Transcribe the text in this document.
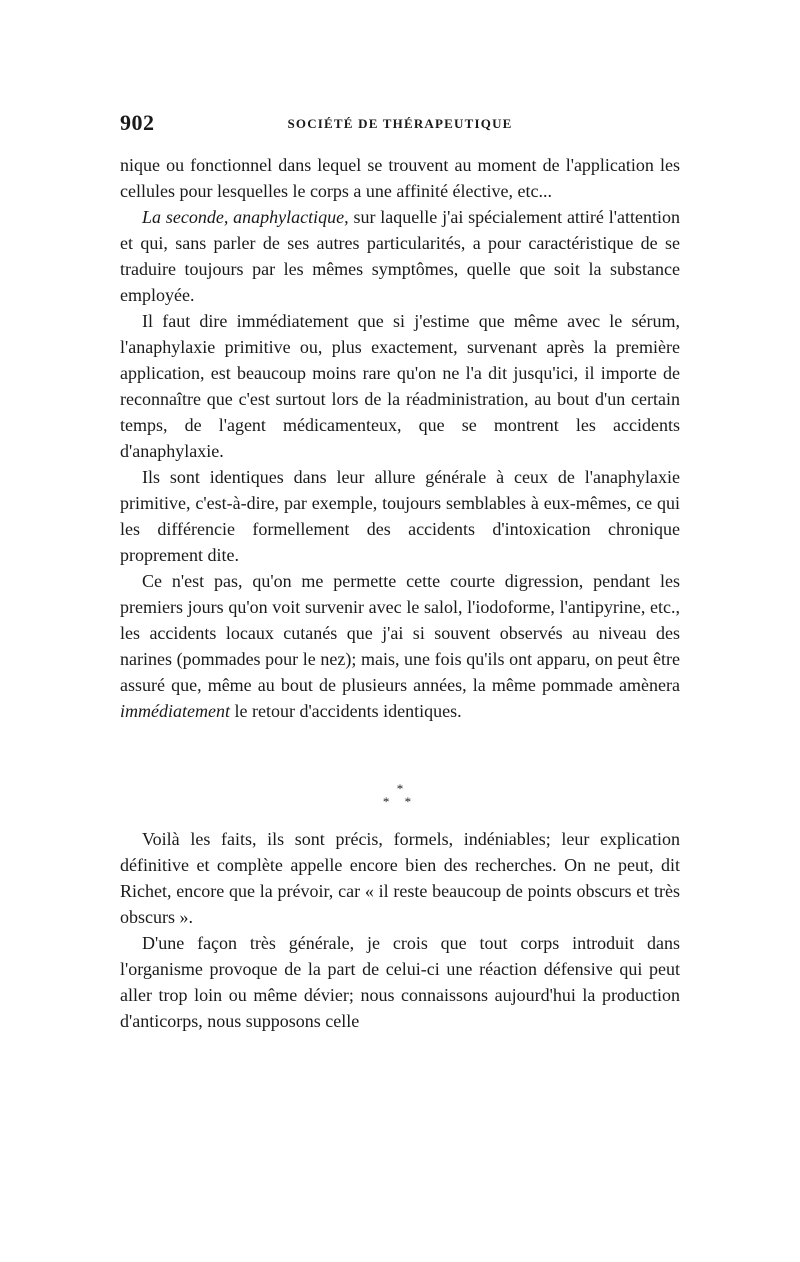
902	SOCIÉTÉ DE THÉRAPEUTIQUE

nique ou fonctionnel dans lequel se trouvent au moment de l'application les cellules pour lesquelles le corps a une affinité élective, etc...

La seconde, anaphylactique, sur laquelle j'ai spécialement attiré l'attention et qui, sans parler de ses autres particularités, a pour caractéristique de se traduire toujours par les mêmes symptômes, quelle que soit la substance employée.

Il faut dire immédiatement que si j'estime que même avec le sérum, l'anaphylaxie primitive ou, plus exactement, survenant après la première application, est beaucoup moins rare qu'on ne l'a dit jusqu'ici, il importe de reconnaître que c'est surtout lors de la réadministration, au bout d'un certain temps, de l'agent médicamenteux, que se montrent les accidents d'anaphylaxie.

Ils sont identiques dans leur allure générale à ceux de l'anaphylaxie primitive, c'est-à-dire, par exemple, toujours semblables à eux-mêmes, ce qui les différencie formellement des accidents d'intoxication chronique proprement dite.

Ce n'est pas, qu'on me permette cette courte digression, pendant les premiers jours qu'on voit survenir avec le salol, l'iodoforme, l'antipyrine, etc., les accidents locaux cutanés que j'ai si souvent observés au niveau des narines (pommades pour le nez); mais, une fois qu'ils ont apparu, on peut être assuré que, même au bout de plusieurs années, la même pommade amènera immédiatement le retour d'accidents identiques.

*
* *

Voilà les faits, ils sont précis, formels, indéniables; leur explication définitive et complète appelle encore bien des recherches. On ne peut, dit Richet, encore que la prévoir, car « il reste beaucoup de points obscurs et très obscurs ».

D'une façon très générale, je crois que tout corps introduit dans l'organisme provoque de la part de celui-ci une réaction défensive qui peut aller trop loin ou même dévier; nous connaissons aujourd'hui la production d'anticorps, nous supposons celle
